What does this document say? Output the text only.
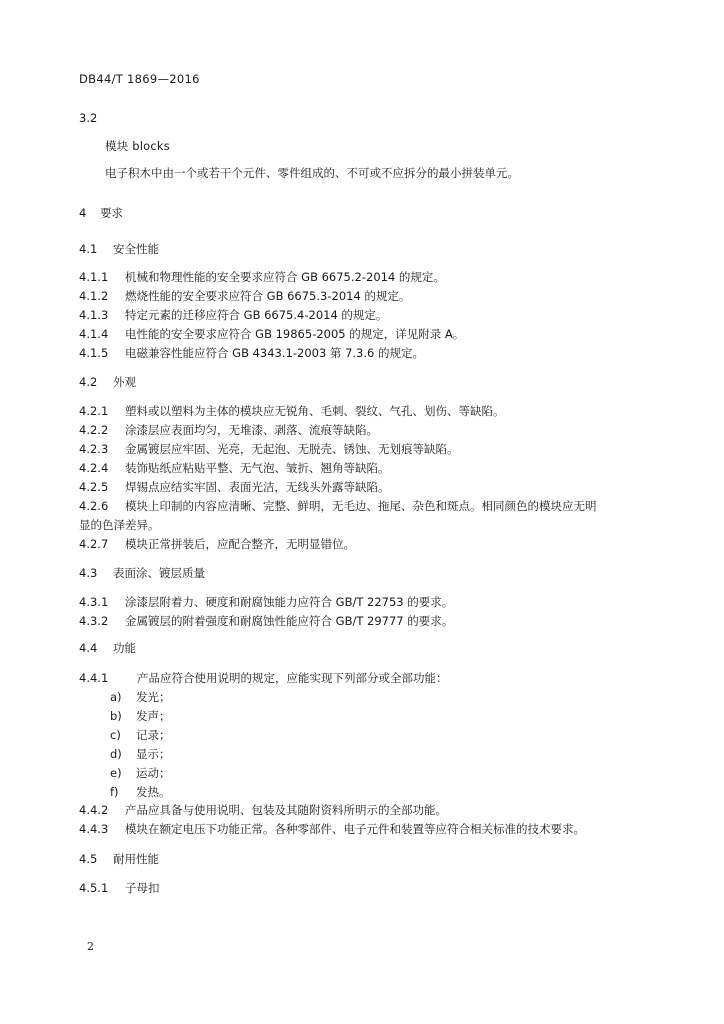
DB44/T 1869—2016
3.2
模块 blocks
电子积木中由一个或若干个元件、零件组成的、不可或不应拆分的最小拼装单元。
4 要求
4.1 安全性能
4.1.1 机械和物理性能的安全要求应符合 GB 6675.2-2014 的规定。
4.1.2 燃烧性能的安全要求应符合 GB 6675.3-2014 的规定。
4.1.3 特定元素的迁移应符合 GB 6675.4-2014 的规定。
4.1.4 电性能的安全要求应符合 GB 19865-2005 的规定，详见附录 A。
4.1.5 电磁兼容性能应符合 GB 4343.1-2003 第 7.3.6 的规定。
4.2 外观
4.2.1 塑料或以塑料为主体的模块应无锐角、毛刺、裂纹、气孔、划伤、等缺陷。
4.2.2 涂漆层应表面均匀，无堆漆、剥落、流痕等缺陷。
4.2.3 金属镀层应牢固、光亮，无起泡、无脱壳、锈蚀、无划痕等缺陷。
4.2.4 装饰贴纸应粘贴平整、无气泡、皱折、翘角等缺陷。
4.2.5 焊锡点应结实牢固、表面光洁，无线头外露等缺陷。
4.2.6 模块上印制的内容应清晰、完整、鲜明，无毛边、拖尾、杂色和斑点。相同颜色的模块应无明
显的色泽差异。
4.2.7 模块正常拼装后，应配合整齐，无明显错位。
4.3 表面涂、镀层质量
4.3.1 涂漆层附着力、硬度和耐腐蚀能力应符合 GB/T 22753 的要求。
4.3.2 金属镀层的附着强度和耐腐蚀性能应符合 GB/T 29777 的要求。
4.4 功能
4.4.1 产品应符合使用说明的规定，应能实现下列部分或全部功能：
a) 发光；
b) 发声；
c) 记录；
d) 显示；
e) 运动；
f) 发热。
4.4.2 产品应具备与使用说明、包装及其随附资料所明示的全部功能。
4.4.3 模块在额定电压下功能正常。各种零部件、电子元件和装置等应符合相关标准的技术要求。
4.5 耐用性能
4.5.1 子母扣
2
